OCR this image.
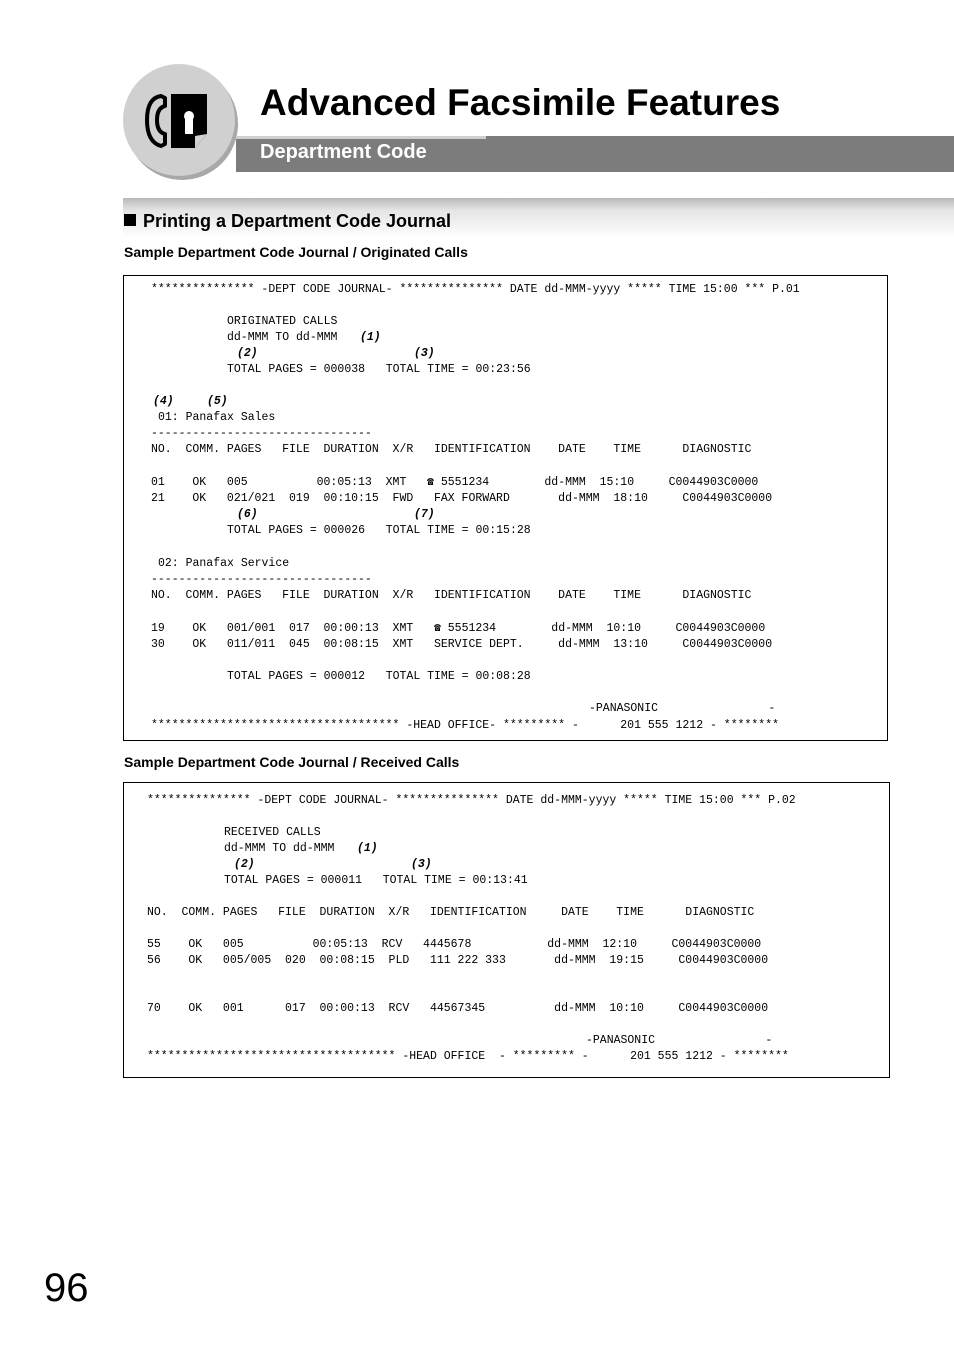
Advanced Facsimile Features
Department Code
Printing a Department Code Journal
Sample Department Code Journal / Originated Calls
*************** -DEPT CODE JOURNAL- *************** DATE dd-MMM-yyyy ***** TIME 15:00 *** P.01
ORIGINATED CALLS
dd-MMM TO dd-MMM (1)
(2)	(3)
TOTAL PAGES = 000038   TOTAL TIME = 00:23:56
(4)	(5)
01: Panafax Sales
--------------------------------
NO.  COMM. PAGES   FILE  DURATION  X/R   IDENTIFICATION    DATE    TIME      DIAGNOSTIC
01    OK   005          00:05:13  XMT   ☎ 5551234        dd-MMM  15:10     C0044903C0000
21    OK   021/021  019  00:10:15  FWD   FAX FORWARD       dd-MMM  18:10     C0044903C0000
(6)	(7)
TOTAL PAGES = 000026   TOTAL TIME = 00:15:28
02: Panafax Service
--------------------------------
NO.  COMM. PAGES   FILE  DURATION  X/R   IDENTIFICATION    DATE    TIME      DIAGNOSTIC
19    OK   001/001  017  00:00:13  XMT   ☎ 5551234        dd-MMM  10:10     C0044903C0000
30    OK   011/011  045  00:08:15  XMT   SERVICE DEPT.     dd-MMM  13:10     C0044903C0000
TOTAL PAGES = 000012   TOTAL TIME = 00:08:28
-PANASONIC                -
************************************ -HEAD OFFICE- ********* -      201 555 1212 - ********
Sample Department Code Journal / Received Calls
*************** -DEPT CODE JOURNAL- *************** DATE dd-MMM-yyyy ***** TIME 15:00 *** P.02
RECEIVED CALLS
dd-MMM TO dd-MMM (1)
(2)	(3)
TOTAL PAGES = 000011   TOTAL TIME = 00:13:41
NO.  COMM. PAGES   FILE  DURATION  X/R   IDENTIFICATION     DATE    TIME      DIAGNOSTIC
55    OK   005          00:05:13  RCV   4445678           dd-MMM  12:10     C0044903C0000
56    OK   005/005  020  00:08:15  PLD   111 222 333       dd-MMM  19:15     C0044903C0000
70    OK   001      017  00:00:13  RCV   44567345          dd-MMM  10:10     C0044903C0000
-PANASONIC                -
************************************ -HEAD OFFICE  - ********* -      201 555 1212 - ********
96
